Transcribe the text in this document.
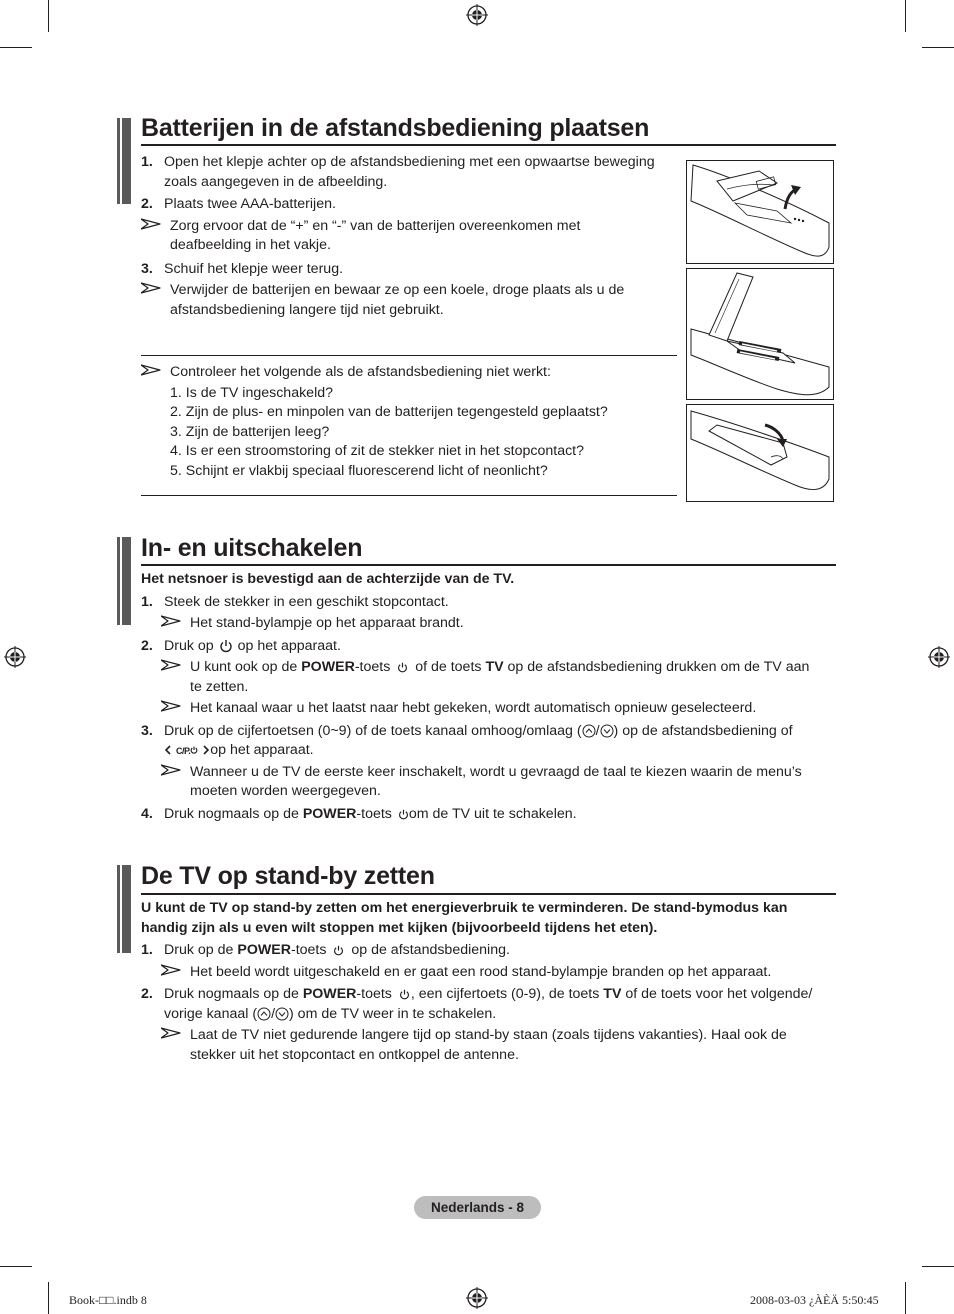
Batterijen in de afstandsbediening plaatsen
1. Open het klepje achter op de afstandsbediening met een opwaartse beweging
zoals aangegeven in de afbeelding.
2. Plaats twee AAA-batterijen.
Zorg ervoor dat de “+” en “-” van de batterijen overeenkomen met
deafbeelding in het vakje.
3. Schuif het klepje weer terug.
Verwijder de batterijen en bewaar ze op een koele, droge plaats als u de
afstandsbediening langere tijd niet gebruikt.
Controleer het volgende als de afstandsbediening niet werkt:
1. Is de TV ingeschakeld?
2. Zijn de plus- en minpolen van de batterijen tegengesteld geplaatst?
3. Zijn de batterijen leeg?
4. Is er een stroomstoring of zit de stekker niet in het stopcontact?
5. Schijnt er vlakbij speciaal fluorescerend licht of neonlicht?
In- en uitschakelen
Het netsnoer is bevestigd aan de achterzijde van de TV.
1. Steek de stekker in een geschikt stopcontact.
Het stand-bylampje op het apparaat brandt.
2. Druk op op het apparaat.
U kunt ook op de POWER-toets of de toets TV op de afstandsbediening drukken om de TV aan
te zetten.
Het kanaal waar u het laatst naar hebt gekeken, wordt automatisch opnieuw geselecteerd.
3. Druk op de cijfertoetsen (0~9) of de toets kanaal omhoog/omlaag ( / ) op de afstandsbediening of
C/P. op het apparaat.
Wanneer u de TV de eerste keer inschakelt, wordt u gevraagd de taal te kiezen waarin de menu’s
moeten worden weergegeven.
4. Druk nogmaals op de POWER-toets om de TV uit te schakelen.
De TV op stand-by zetten
U kunt de TV op stand-by zetten om het energieverbruik te verminderen. De stand-bymodus kan
handig zijn als u even wilt stoppen met kijken (bijvoorbeeld tijdens het eten).
1. Druk op de POWER-toets op de afstandsbediening.
Het beeld wordt uitgeschakeld en er gaat een rood stand-bylampje branden op het apparaat.
2. Druk nogmaals op de POWER-toets , een cijfertoets (0-9), de toets TV of de toets voor het volgende/
vorige kanaal ( / ) om de TV weer in te schakelen.
Laat de TV niet gedurende langere tijd op stand-by staan (zoals tijdens vakanties). Haal ook de
stekker uit het stopcontact en ontkoppel de antenne.
Nederlands - 8
Book-□□.indb 8	2008-03-03 ¿ÀÈÄ 5:50:45
